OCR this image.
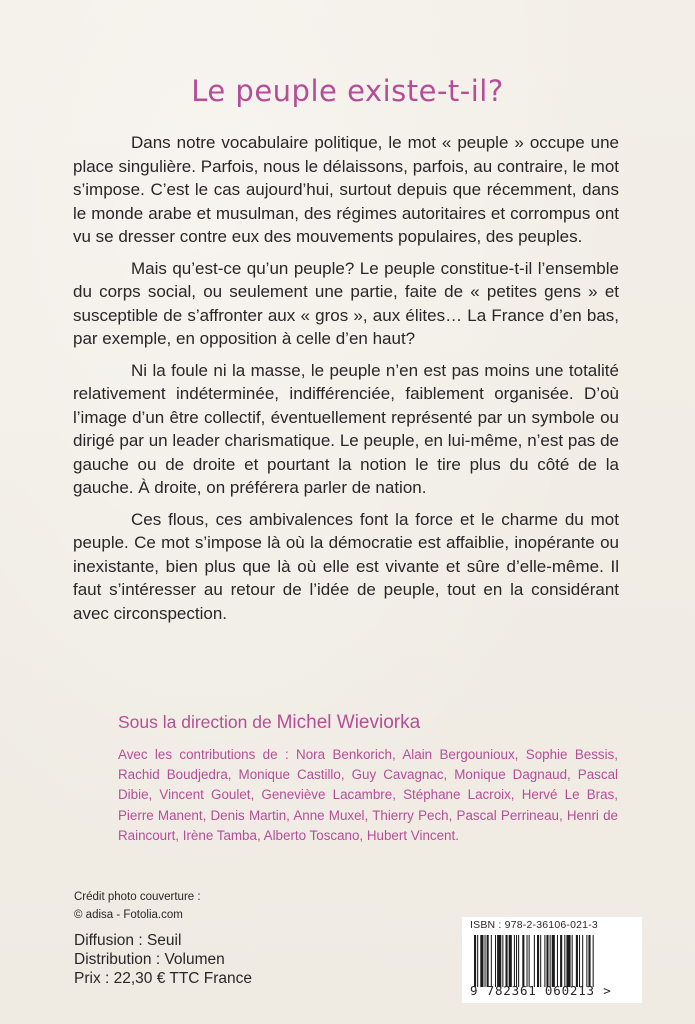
Le peuple existe-t-il?

Dans notre vocabulaire politique, le mot « peuple » occupe une place singulière. Parfois, nous le délaissons, parfois, au contraire, le mot s’impose. C’est le cas aujourd’hui, surtout depuis que récemment, dans le monde arabe et musulman, des régimes autoritaires et corrompus ont vu se dresser contre eux des mouvements populaires, des peuples.

Mais qu’est-ce qu’un peuple? Le peuple constitue-t-il l’ensemble du corps social, ou seulement une partie, faite de « petites gens » et susceptible de s’affronter aux « gros », aux élites… La France d’en bas, par exemple, en opposition à celle d’en haut?

Ni la foule ni la masse, le peuple n’en est pas moins une totalité relativement indéterminée, indifférenciée, faiblement organisée. D’où l’image d’un être collectif, éventuellement représenté par un symbole ou dirigé par un leader charismatique. Le peuple, en lui-même, n’est pas de gauche ou de droite et pourtant la notion le tire plus du côté de la gauche. À droite, on préférera parler de nation.

Ces flous, ces ambivalences font la force et le charme du mot peuple. Ce mot s’impose là où la démocratie est affaiblie, inopérante ou inexistante, bien plus que là où elle est vivante et sûre d’elle-même. Il faut s’intéresser au retour de l’idée de peuple, tout en la considérant avec circonspection.

Sous la direction de Michel Wieviorka
Avec les contributions de : Nora Benkorich, Alain Bergounioux, Sophie Bessis, Rachid Boudjedra, Monique Castillo, Guy Cavagnac, Monique Dagnaud, Pascal Dibie, Vincent Goulet, Geneviève Lacambre, Stéphane Lacroix, Hervé Le Bras, Pierre Manent, Denis Martin, Anne Muxel, Thierry Pech, Pascal Perrineau, Henri de Raincourt, Irène Tamba, Alberto Toscano, Hubert Vincent.
Crédit photo couverture :
© adisa - Fotolia.com
Diffusion : Seuil
Distribution : Volumen
Prix : 22,30 € TTC France
ISBN : 978-2-36106-021-3
9 782361 060213 >
